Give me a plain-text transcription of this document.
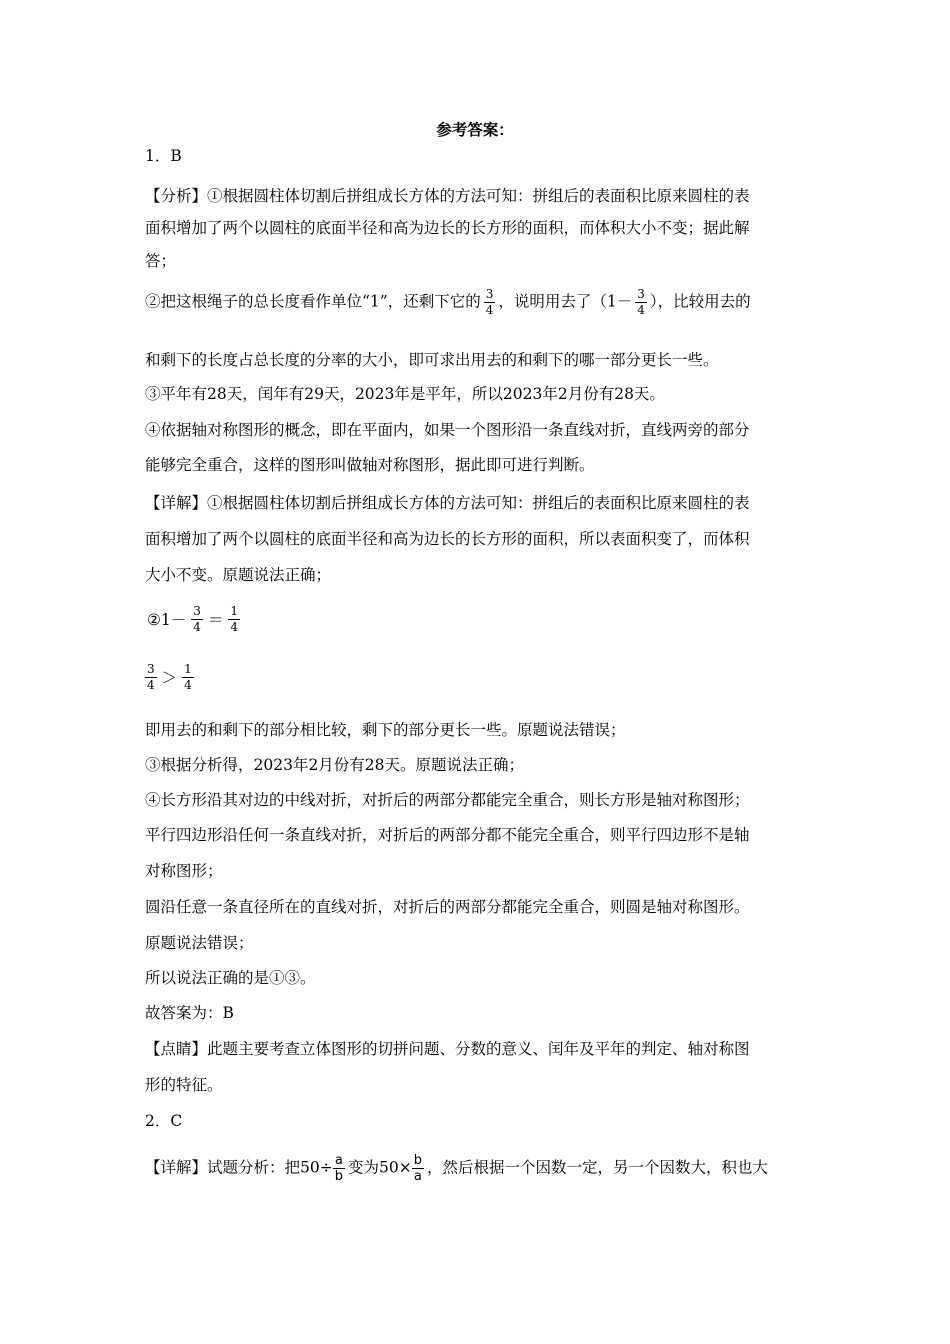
参考答案：
1．B
【分析】①根据圆柱体切割后拼组成长方体的方法可知：拼组后的表面积比原来圆柱的表
面积增加了两个以圆柱的底面半径和高为边长的长方形的面积，而体积大小不变；据此解
答；
②把这根绳子的总长度看作单位“1”，还剩下它的 $\frac{3}{4}$ ，说明用去了（$1- \frac{3}{4}$ ），比较用去的
和剩下的长度占总长度的分率的大小，即可求出用去的和剩下的哪一部分更长一些。
③平年有28天，闰年有29天，2023年是平年，所以2023年2月份有28天。
④依据轴对称图形的概念，即在平面内，如果一个图形沿一条直线对折，直线两旁的部分
能够完全重合，这样的图形叫做轴对称图形，据此即可进行判断。
【详解】①根据圆柱体切割后拼组成长方体的方法可知：拼组后的表面积比原来圆柱的表
面积增加了两个以圆柱的底面半径和高为边长的长方形的面积，所以表面积变了，而体积
大小不变。原题说法正确；
②1－ $\frac{3}{4} = \frac{1}{4}$
$\frac{3}{4} > \frac{1}{4}$
即用去的和剩下的部分相比较，剩下的部分更长一些。原题说法错误；
③根据分析得，2023年2月份有28天。原题说法正确；
④长方形沿其对边的中线对折，对折后的两部分都能完全重合，则长方形是轴对称图形；
平行四边形沿任何一条直线对折，对折后的两部分都不能完全重合，则平行四边形不是轴
对称图形；
圆沿任意一条直径所在的直线对折，对折后的两部分都能完全重合，则圆是轴对称图形。
原题说法错误；
所以说法正确的是①③。
故答案为：B
【点睛】此题主要考查立体图形的切拼问题、分数的意义、闰年及平年的判定、轴对称图
形的特征。
2．C
【详解】试题分析：把$50\div \frac{a}{b}$ 变为$50\times \frac{b}{a}$ ，然后根据一个因数一定，另一个因数大，积也大
